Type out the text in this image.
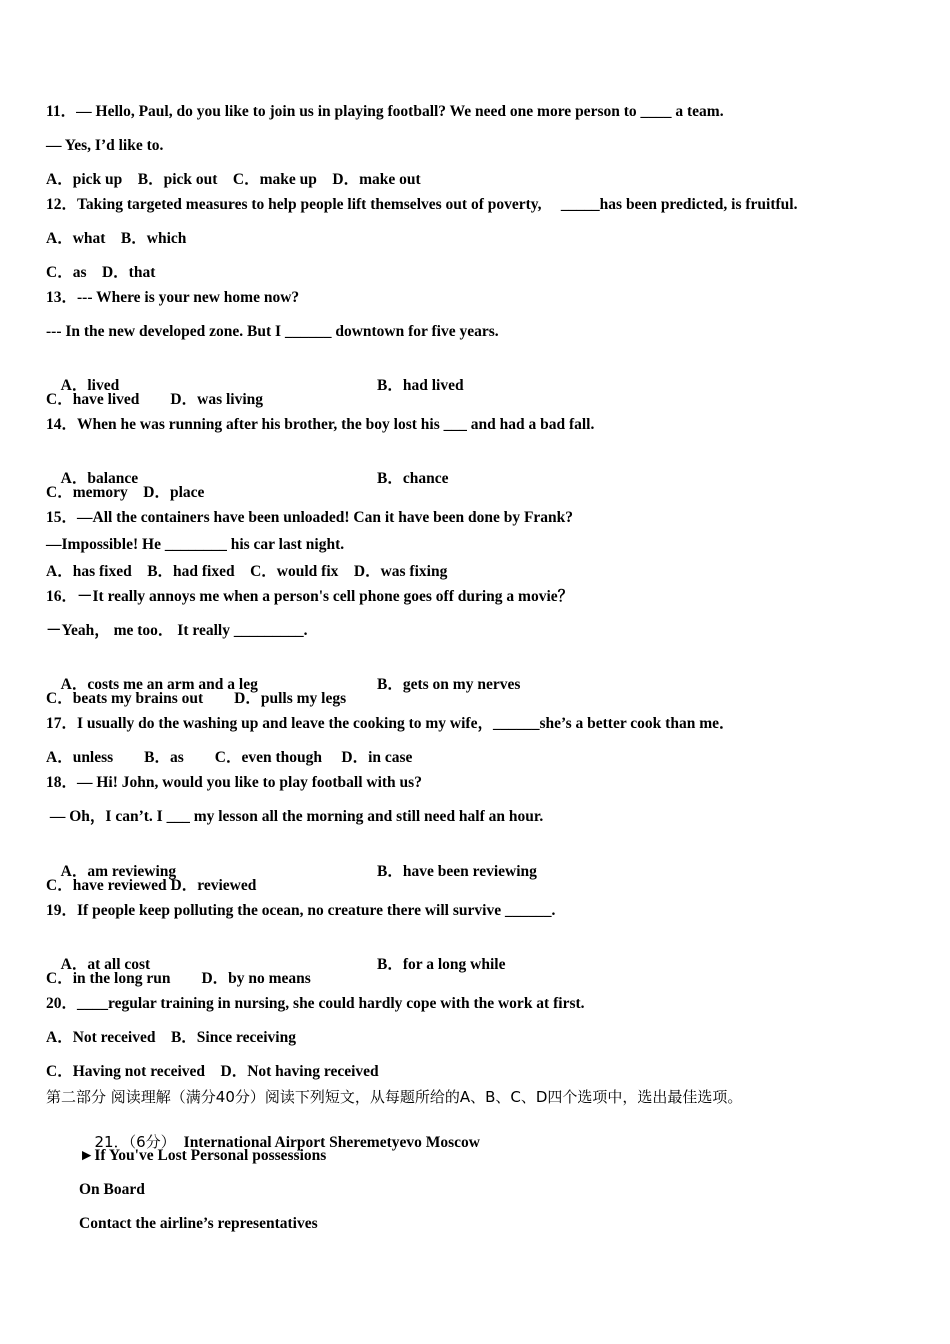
11．— Hello, Paul, do you like to join us in playing football? We need one more person to ____ a team.
— Yes, I’d like to.
A．pick up　B．pick out　C．make up　D．make out
12．Taking targeted measures to help people lift themselves out of poverty, 　_____has been predicted, is fruitful.
A．what　B．which
C．as　D．that
13．--- Where is your new home now?
--- In the new developed zone. But I ______ downtown for five years.

A．lived	B．had lived

C．have lived　　D．was living
14．When he was running after his brother, the boy lost his ___ and had a bad fall.

A．balance	B．chance

C．memory　D．place
15．—All the containers have been unloaded! Can it have been done by Frank?
—Impossible! He ________ his car last night.
A．has fixed　B．had fixed　C．would fix　D．was fixing
16．－It really annoys me when a person's cell phone goes off during a movie？
－Yeah， me too． It really _________.

A．costs me an arm and a leg	B．gets on my nerves

C．beats my brains out　　D．pulls my legs
17．I usually do the washing up and leave the cooking to my wife，______she’s a better cook than me．
A．unless　　B．as　　C．even though　 D．in case
18．— Hi! John, would you like to play football with us?
— Oh，I can’t. I ___ my lesson all the morning and still need half an hour.

A．am reviewing	B．have been reviewing

C．have reviewed D．reviewed
19．If people keep polluting the ocean, no creature there will survive ______.

A．at all cost	B．for a long while

C．in the long run　　D．by no means
20．____regular training in nursing, she could hardly cope with the work at first.
A．Not received　B．Since receiving
C．Having not received　D．Not having received
第二部分 阅读理解（满分40分）阅读下列短文，从每题所给的A、B、C、D四个选项中，选出最佳选项。

21．（6分）　 International Airport Sheremetyevo Moscow

►If You've Lost Personal possessions
On Board
Contact the airline’s representatives
